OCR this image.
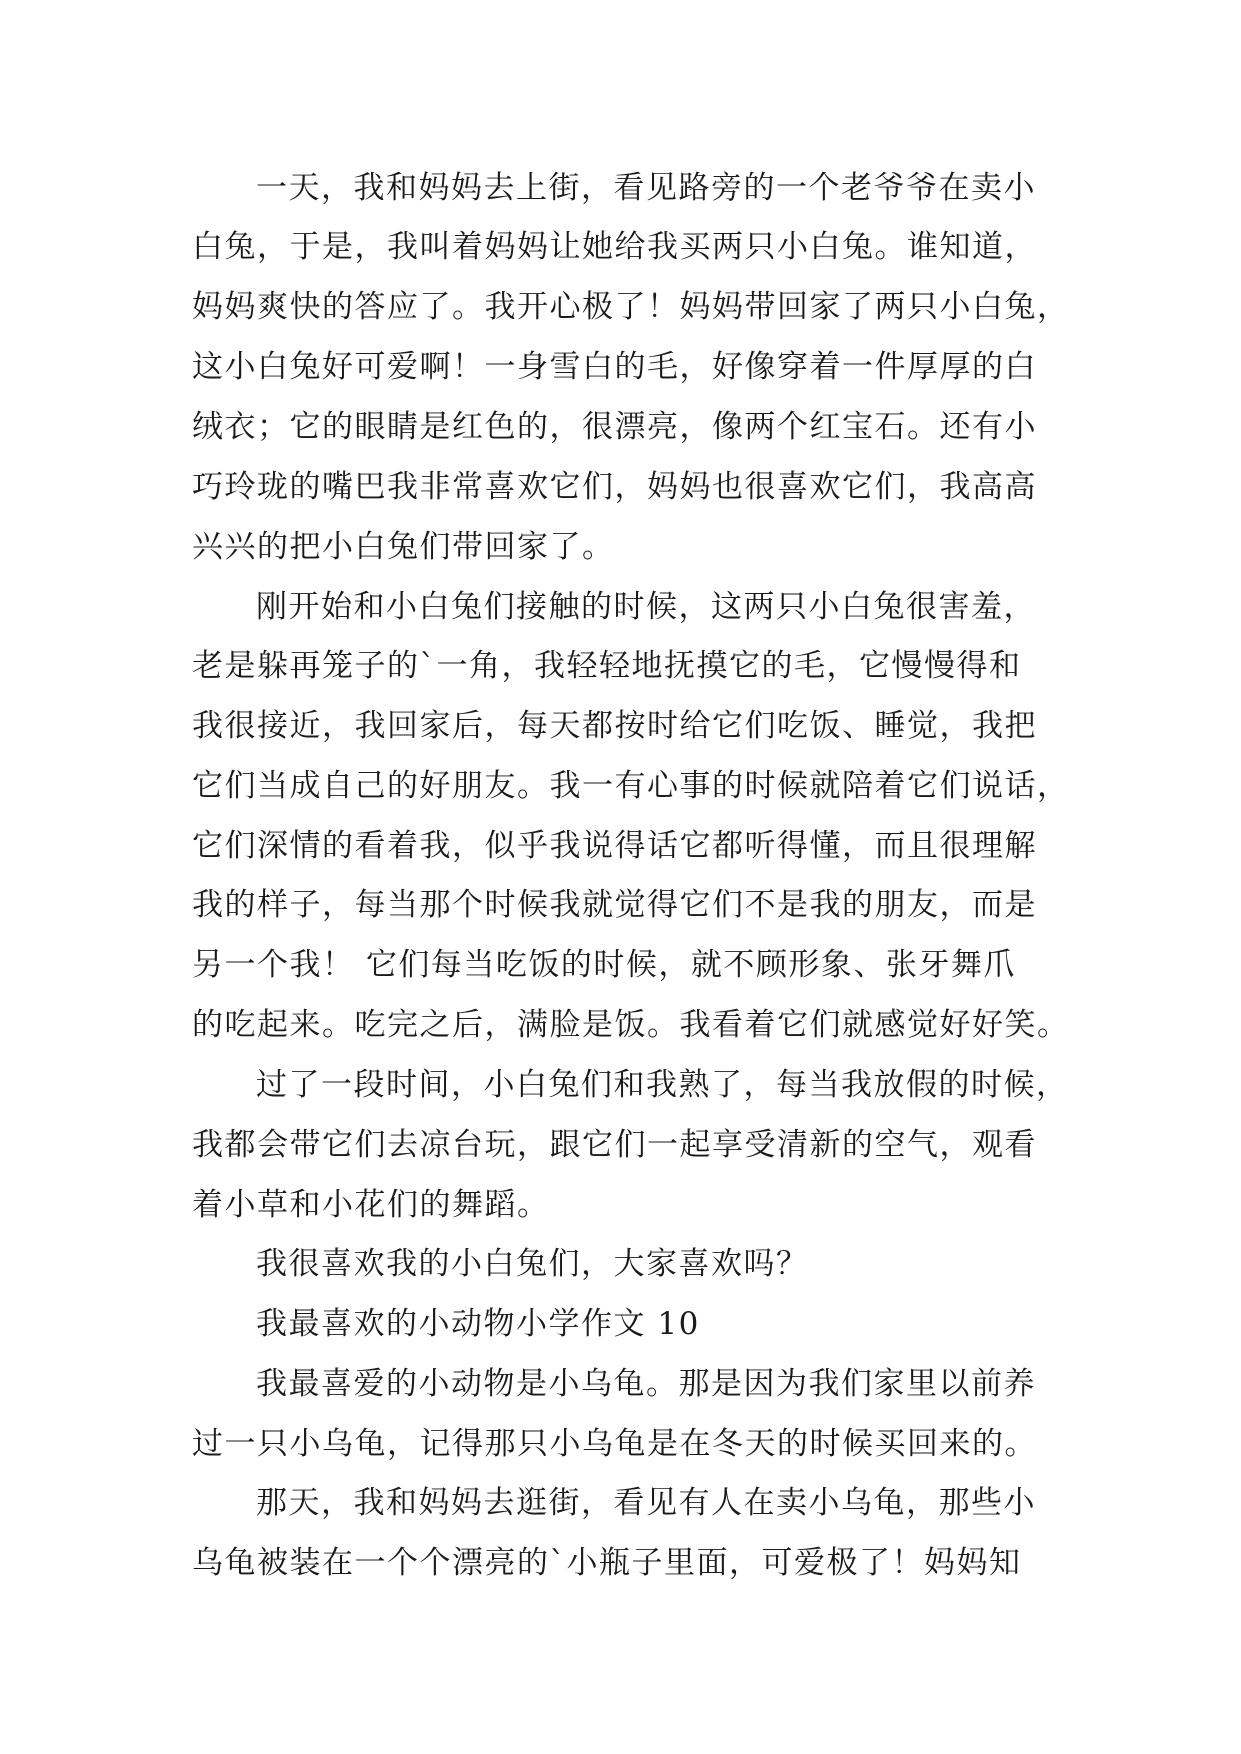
一天，我和妈妈去上街，看见路旁的一个老爷爷在卖小
白兔，于是，我叫着妈妈让她给我买两只小白兔。谁知道，
妈妈爽快的答应了。我开心极了！妈妈带回家了两只小白兔，
这小白兔好可爱啊！一身雪白的毛，好像穿着一件厚厚的白
绒衣；它的眼睛是红色的，很漂亮，像两个红宝石。还有小
巧玲珑的嘴巴我非常喜欢它们，妈妈也很喜欢它们，我高高
兴兴的把小白兔们带回家了。
刚开始和小白兔们接触的时候，这两只小白兔很害羞，
老是躲再笼子的`一角，我轻轻地抚摸它的毛，它慢慢得和
我很接近，我回家后，每天都按时给它们吃饭、睡觉，我把
它们当成自己的好朋友。我一有心事的时候就陪着它们说话，
它们深情的看着我，似乎我说得话它都听得懂，而且很理解
我的样子，每当那个时候我就觉得它们不是我的朋友，而是
另一个我！ 它们每当吃饭的时候，就不顾形象、张牙舞爪
的吃起来。吃完之后，满脸是饭。我看着它们就感觉好好笑。
过了一段时间，小白兔们和我熟了，每当我放假的时候，
我都会带它们去凉台玩，跟它们一起享受清新的空气，观看
着小草和小花们的舞蹈。
我很喜欢我的小白兔们，大家喜欢吗？
我最喜欢的小动物小学作文 10
我最喜爱的小动物是小乌龟。那是因为我们家里以前养
过一只小乌龟，记得那只小乌龟是在冬天的时候买回来的。
那天，我和妈妈去逛街，看见有人在卖小乌龟，那些小
乌龟被装在一个个漂亮的`小瓶子里面，可爱极了！妈妈知
